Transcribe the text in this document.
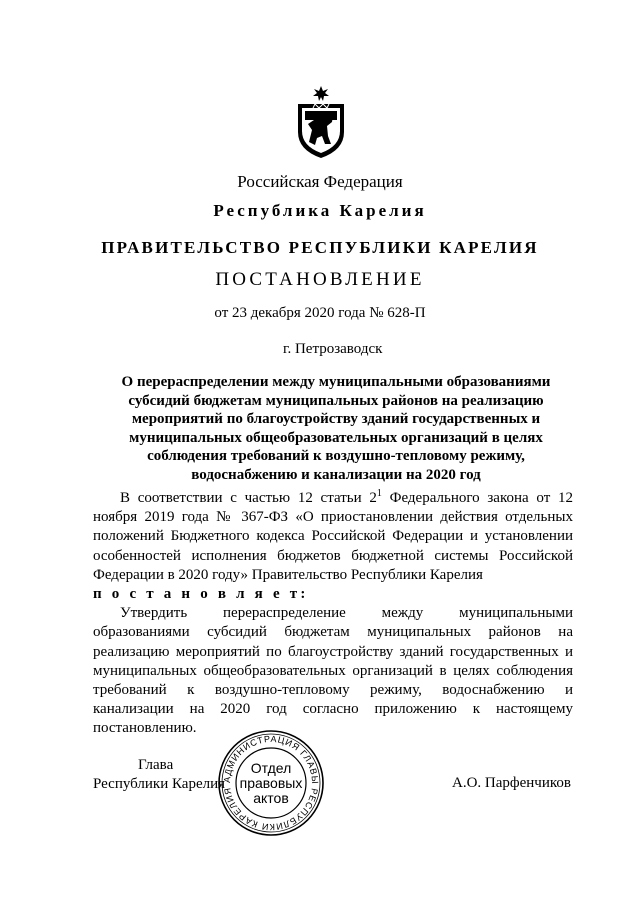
Российская Федерация
Республика Карелия
ПРАВИТЕЛЬСТВО РЕСПУБЛИКИ КАРЕЛИЯ
ПОСТАНОВЛЕНИЕ
от 23 декабря 2020 года № 628-П
г. Петрозаводск
О перераспределении между муниципальными образованиями субсидий бюджетам муниципальных районов на реализацию мероприятий по благоустройству зданий государственных и муниципальных общеобразовательных организаций в целях соблюдения требований к воздушно-тепловому режиму, водоснабжению и канализации на 2020 год

В соответствии с частью 12 статьи $2^1$ Федерального закона от 12 ноября 2019 года № 367-ФЗ «О приостановлении действия отдельных положений Бюджетного кодекса Российской Федерации и установлении особенностей исполнения бюджетов бюджетной системы Российской Федерации в 2020 году» Правительство Республики Карелия

п о с т а н о в л я е т:

Утвердить перераспределение между муниципальными образованиями субсидий бюджетам муниципальных районов на реализацию мероприятий по благоустройству зданий государственных и муниципальных общеобразовательных организаций в целях соблюдения требований к воздушно-тепловому режиму, водоснабжению и канализации на 2020 год согласно приложению к настоящему постановлению.

Глава
Республики Карелия	А.О. Парфенчиков
АДМИНИСТРАЦИЯ ГЛАВЫ РЕСПУБЛИКИ КАРЕЛИЯ
Отдел
правовых
актов
